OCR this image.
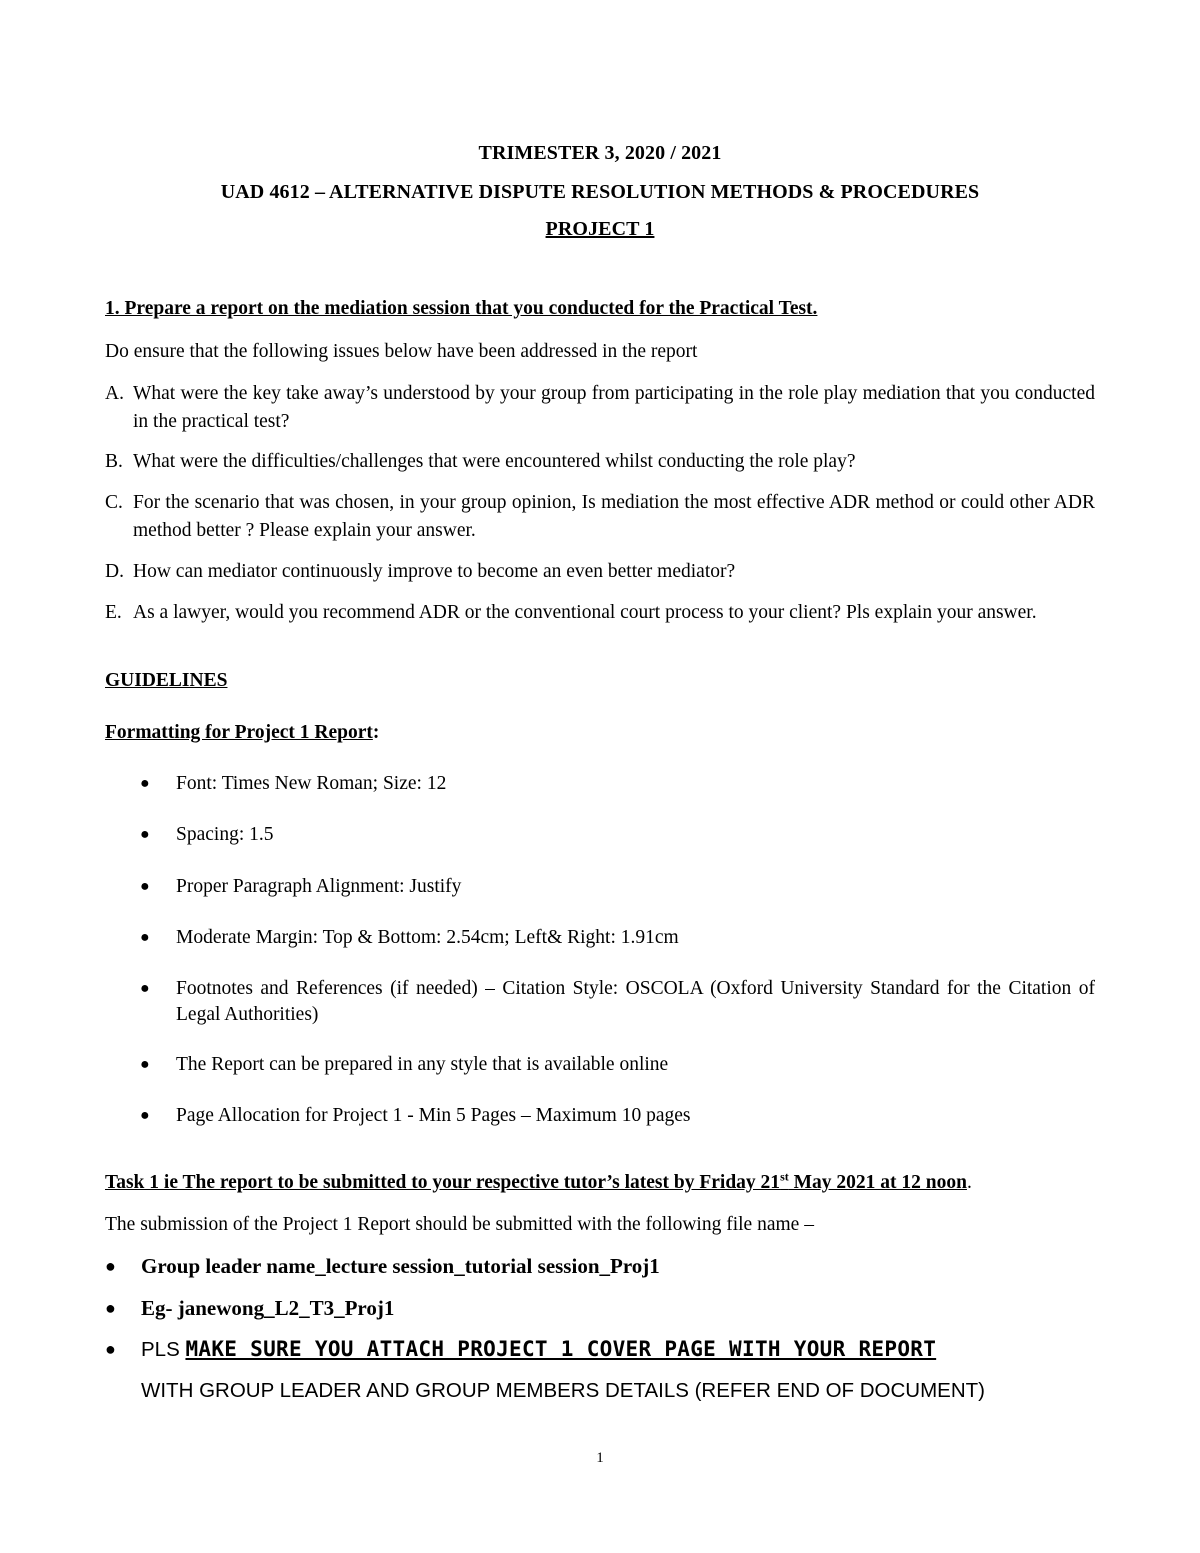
TRIMESTER 3, 2020 / 2021
UAD 4612 – ALTERNATIVE DISPUTE RESOLUTION METHODS & PROCEDURES
PROJECT 1
1. Prepare a report on the mediation session that you conducted for the Practical Test.
Do ensure that the following issues below have been addressed in the report
A. What were the key take away’s understood by your group from participating in the role play mediation that you conducted in the practical test?
B. What were the difficulties/challenges that were encountered whilst conducting the role play?
C. For the scenario that was chosen, in your group opinion, Is mediation the most effective ADR method or could other ADR method better ? Please explain your answer.
D. How can mediator continuously improve to become an even better mediator?
E. As a lawyer, would you recommend ADR or the conventional court process to your client? Pls explain your answer.
GUIDELINES
Formatting for Project 1 Report:
●	Font: Times New Roman; Size: 12
●	Spacing: 1.5
●	Proper Paragraph Alignment: Justify
●	Moderate Margin: Top & Bottom: 2.54cm; Left& Right: 1.91cm
●	Footnotes and References (if needed) – Citation Style: OSCOLA (Oxford University Standard for the Citation of Legal Authorities)
●	The Report can be prepared in any style that is available online
●	Page Allocation for Project 1 - Min 5 Pages – Maximum 10 pages
Task 1 ie The report to be submitted to your respective tutor’s latest by Friday 21st May 2021 at 12 noon.
The submission of the Project 1 Report should be submitted with the following file name –
●	Group leader name_lecture session_tutorial session_Proj1
●	Eg- janewong_L2_T3_Proj1
●	PLS MAKE SURE YOU ATTACH PROJECT 1 COVER PAGE WITH YOUR REPORT
WITH GROUP LEADER AND GROUP MEMBERS DETAILS (REFER END OF DOCUMENT)
1
